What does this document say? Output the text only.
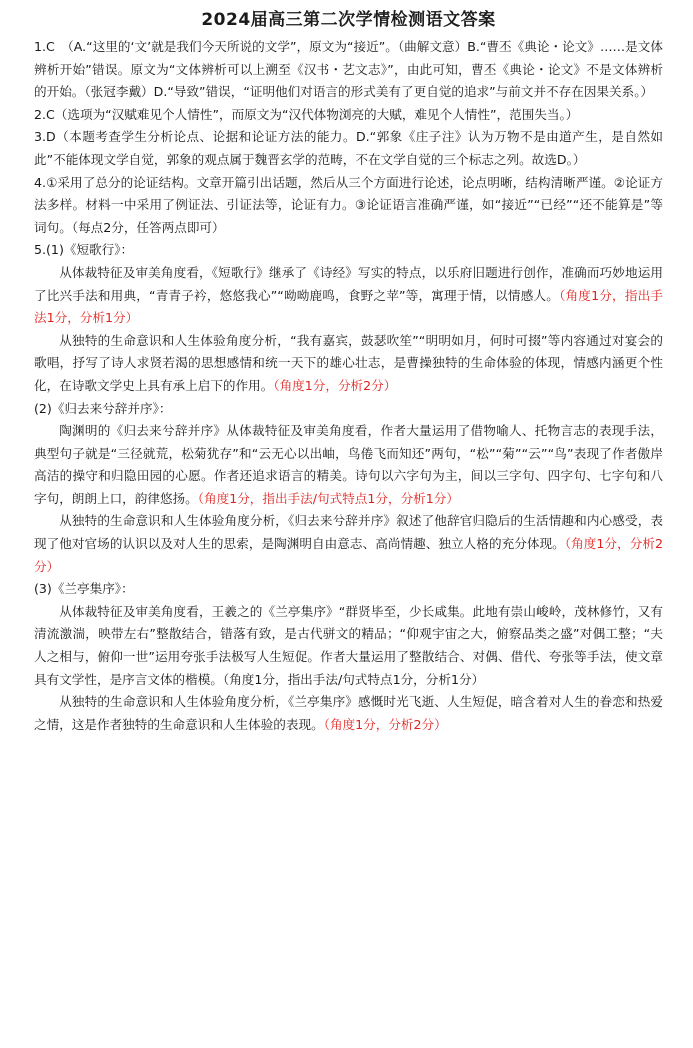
2024届高三第二次学情检测语文答案

1.C　（A.“这里的‘文’就是我们今天所说的文学”，原文为“接近”。（曲解文意）B.“曹丕《典论・论文》……是文体辨析开始”错误。原文为“文体辨析可以上溯至《汉书・艺文志》”，由此可知，曹丕《典论・论文》不是文体辨析的开始。（张冠李戴）D.“导致”错误，“证明他们对语言的形式美有了更自觉的追求”与前文并不存在因果关系。）

2.C（选项为“汉赋难见个人情性”，而原文为“汉代体物浏亮的大赋，难见个人情性”，范围失当。）

3.D（本题考查学生分析论点、论据和论证方法的能力。D.“郭象《庄子注》认为万物不是由道产生，是自然如此”不能体现文学自觉，郭象的观点属于魏晋玄学的范畴，不在文学自觉的三个标志之列。故选D。）

4.①采用了总分的论证结构。文章开篇引出话题，然后从三个方面进行论述，论点明晰，结构清晰严谨。②论证方法多样。材料一中采用了例证法、引证法等，论证有力。③论证语言准确严谨，如“接近”“已经”“还不能算是”等词句。（每点2分，任答两点即可）

5.(1)《短歌行》：

从体裁特征及审美角度看，《短歌行》继承了《诗经》写实的特点，以乐府旧题进行创作，准确而巧妙地运用了比兴手法和用典，“青青子衿，悠悠我心”“呦呦鹿鸣，食野之苹”等，寓理于情，以情感人。（角度1分，指出手法1分，分析1分）

从独特的生命意识和人生体验角度分析，“我有嘉宾，鼓瑟吹笙”“明明如月，何时可掇”等内容通过对宴会的歌唱，抒写了诗人求贤若渴的思想感情和统一天下的雄心壮志，是曹操独特的生命体验的体现，情感内涵更个性化，在诗歌文学史上具有承上启下的作用。（角度1分，分析2分）

(2)《归去来兮辞并序》：

陶渊明的《归去来兮辞并序》从体裁特征及审美角度看，作者大量运用了借物喻人、托物言志的表现手法，典型句子就是“三径就荒，松菊犹存”和“云无心以出岫，鸟倦飞而知还”两句，“松”“菊”“云”“鸟”表现了作者傲岸高洁的操守和归隐田园的心愿。作者还追求语言的精美。诗句以六字句为主，间以三字句、四字句、七字句和八字句，朗朗上口，韵律悠扬。（角度1分，指出手法/句式特点1分，分析1分）

从独特的生命意识和人生体验角度分析，《归去来兮辞并序》叙述了他辞官归隐后的生活情趣和内心感受，表现了他对官场的认识以及对人生的思索，是陶渊明自由意志、高尚情趣、独立人格的充分体现。（角度1分，分析2分）

(3)《兰亭集序》：

从体裁特征及审美角度看，王羲之的《兰亭集序》“群贤毕至，少长咸集。此地有崇山峻岭，茂林修竹，又有清流激湍，映带左右”整散结合，错落有致，是古代骈文的精品；“仰观宇宙之大，俯察品类之盛”对偶工整；“夫人之相与，俯仰一世”运用夸张手法极写人生短促。作者大量运用了整散结合、对偶、借代、夸张等手法，使文章具有文学性，是序言文体的楷模。（角度1分，指出手法/句式特点1分，分析1分）

从独特的生命意识和人生体验角度分析，《兰亭集序》感慨时光飞逝、人生短促，暗含着对人生的眷恋和热爱之情，这是作者独特的生命意识和人生体验的表现。（角度1分，分析2分）
